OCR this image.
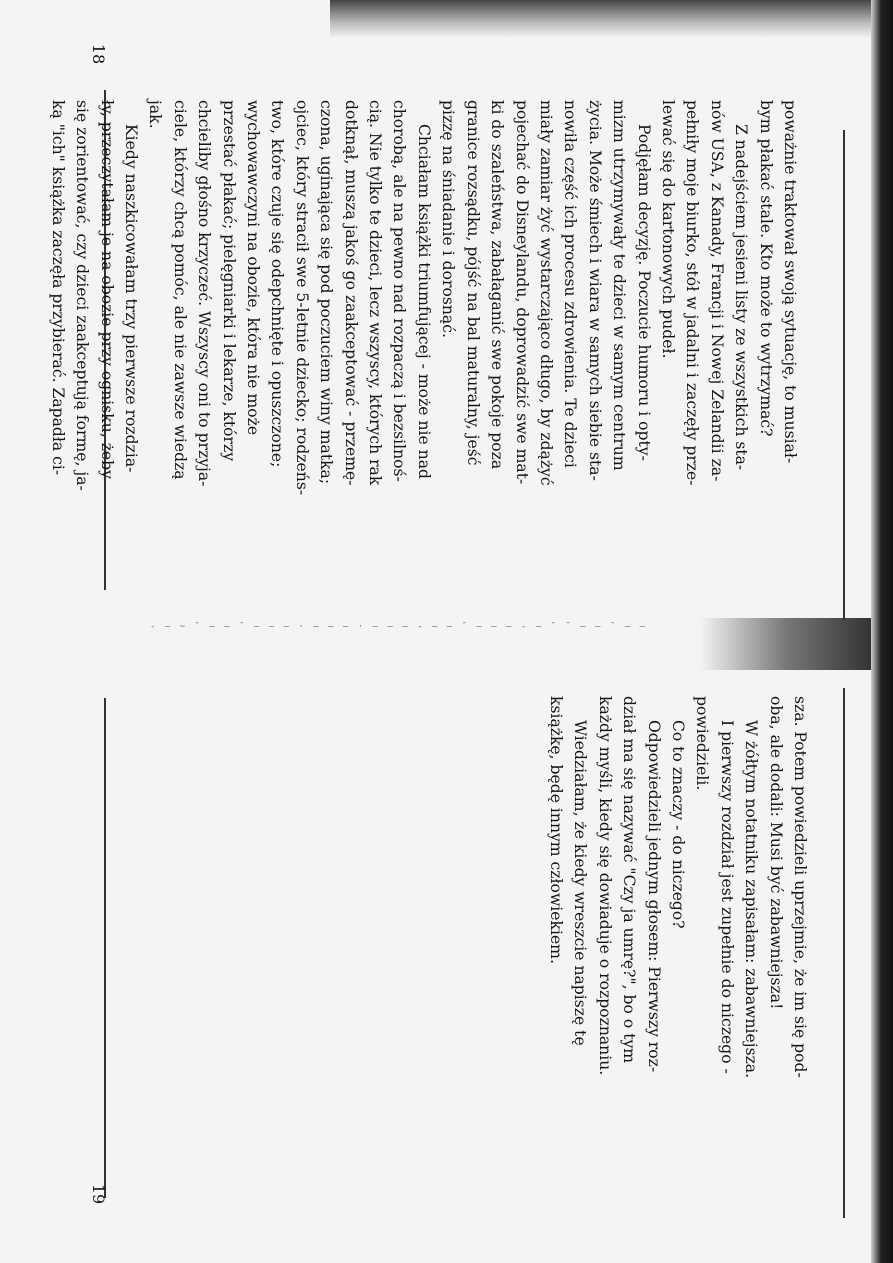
- – ~ ˇ – – ˉ – – – · – – – · – – – - – – ˉ – – – - – ˉ ˉ – – ˉ – –
18
19

poważnie traktował swoją sytuację, to musiał-

bym płakać stale. Kto może to wytrzymać?

Z nadejściem jesieni listy ze wszystkich sta-

nów USA, z Kanady, Francji i Nowej Zelandii za-

pełniły moje biurko, stół w jadalni i zaczęły prze-

lewać się do kartonowych pudeł.

Podjęłam decyzję. Poczucie humoru i opty-

mizm utrzymywały te dzieci w samym centrum

życia. Może śmiech i wiara w samych siebie sta-

nowiła część ich procesu zdrowienia. Te dzieci

miały zamiar żyć wystarczająco długo, by zdążyć

pojechać do Disneylandu, doprowadzić swe mat-

ki do szaleństwa, zabałaganić swe pokoje poza

granice rozsądku, pójść na bal maturalny, jeść

pizzę na śniadanie i dorosnąć.

Chciałam książki triumfującej - może nie nad

chorobą, ale na pewno nad rozpaczą i bezsilnoś-

cią. Nie tylko te dzieci, lecz wszyscy, których rak

dotknął, muszą jakoś go zaakceptować - przemę-

czona, uginająca się pod poczuciem winy matka;

ojciec, który stracił swe 5-letnie dziecko; rodzeńs-

two, które czuje się odepchnięte i opuszczone;

wychowawczyni na obozie, która nie może

przestać płakać; pielęgniarki i lekarze, którzy

chcieliby głośno krzyczeć. Wszyscy oni to przyja-

ciele, którzy chcą pomóc, ale nie zawsze wiedzą

jak.

Kiedy naszkicowałam trzy pierwsze rozdzia-

ły, przeczytałam je na obozie przy ognisku, żeby

się zorientować, czy dzieci zaakceptują formę, ja-

ką "ich" książka zaczęła przybierać. Zapadła ci-

sza. Potem powiedzieli uprzejmie, że im się pod-

oba, ale dodali: Musi być zabawniejsza!

W żółtym notatniku zapisałam: zabawniejsza.

I pierwszy rozdział jest zupełnie do niczego -

powiedzieli.

Co to znaczy - do niczego?

Odpowiedzieli jednym głosem: Pierwszy roz-

dział ma się nazywać "Czy ja umrę?", bo o tym

każdy myśli, kiedy się dowiaduje o rozpoznaniu.

Wiedziałam, że kiedy wreszcie napiszę tę

książkę, będę innym człowiekiem.
